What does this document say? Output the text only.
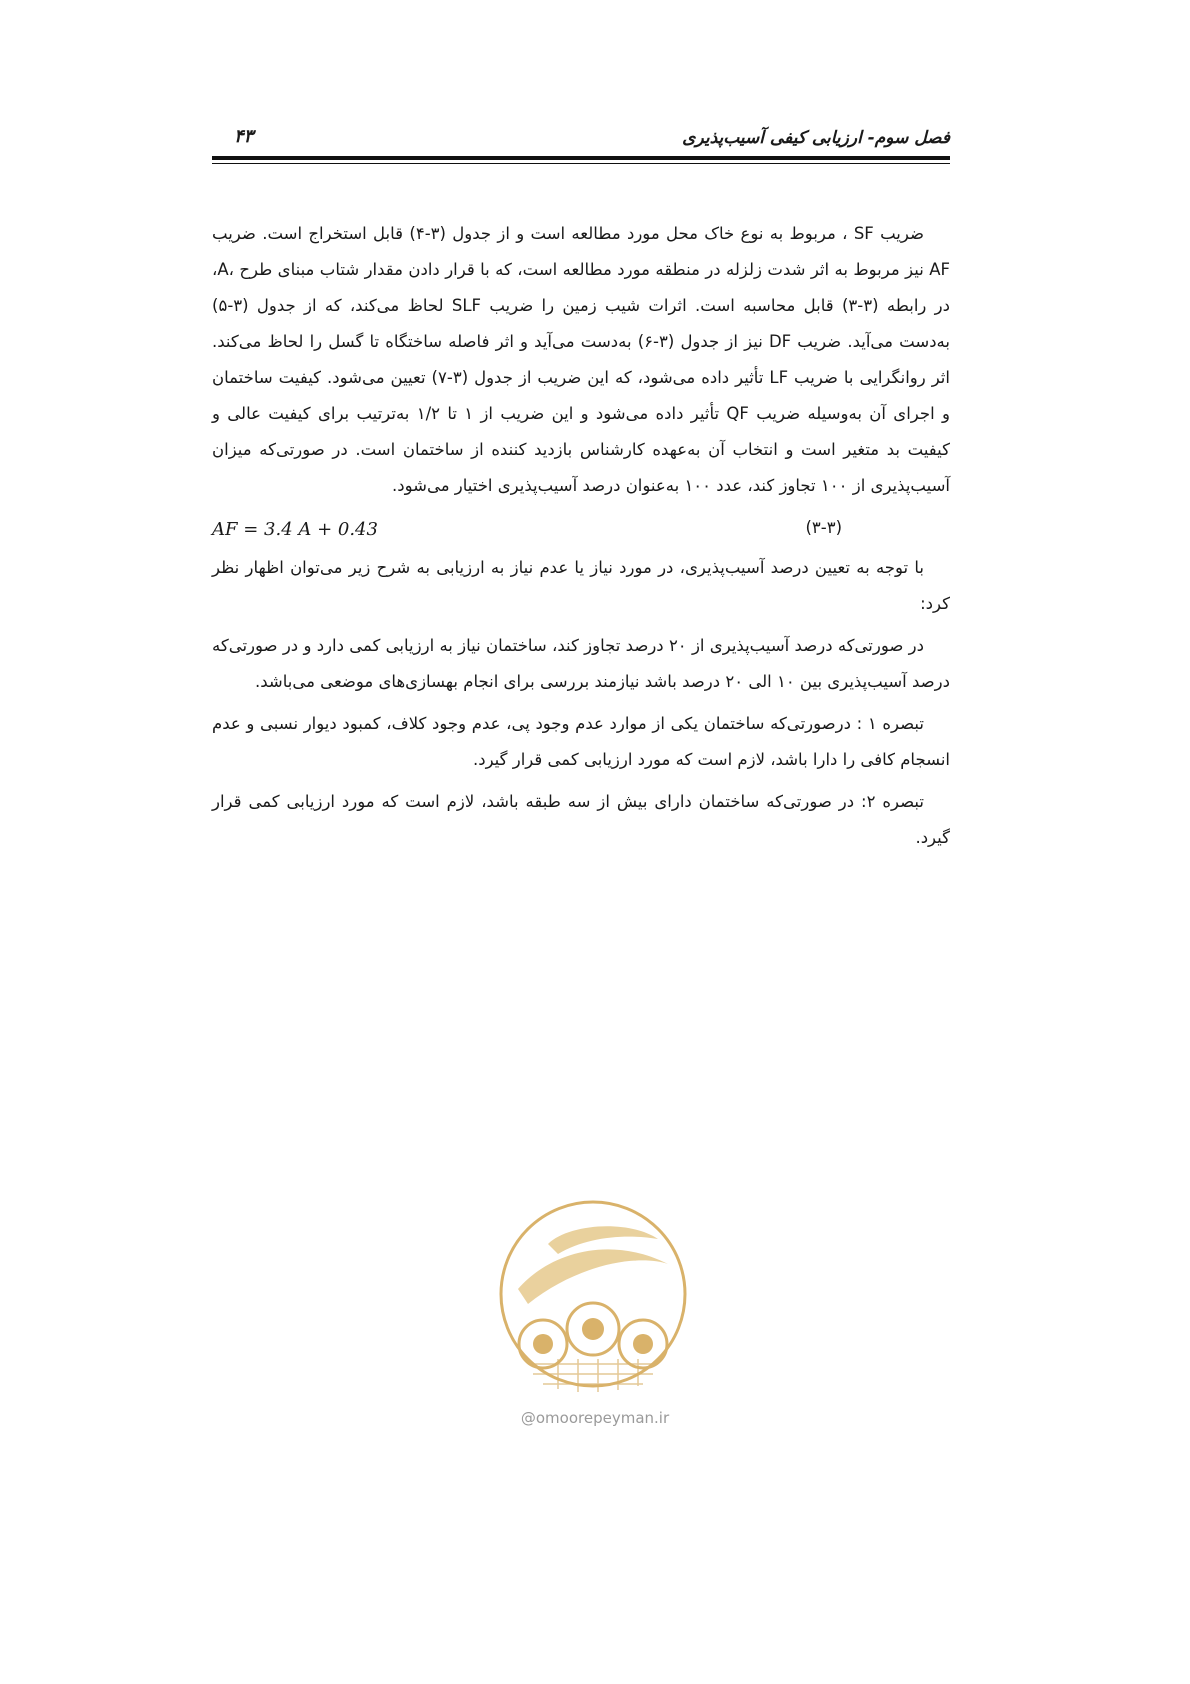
فصل سوم- ارزیابی کیفی آسیب‌پذیری
۴۳

ضریب SF ، مربوط به نوع خاک محل مورد مطالعه است و از جدول (۳-۴) قابل استخراج است. ضریب AF نیز مربوط به اثر شدت زلزله در منطقه مورد مطالعه است، که با قرار دادن مقدار شتاب مبنای طرح ،A، در رابطه (۳-۳) قابل محاسبه است. اثرات شیب زمین را ضریب SLF لحاظ می‌کند، که از جدول (۳-۵) به‌دست می‌آید. ضریب DF نیز از جدول (۳-۶) به‌دست می‌آید و اثر فاصله ساختگاه تا گسل را لحاظ می‌کند. اثر روانگرایی با ضریب LF تأثیر داده می‌شود، که این ضریب از جدول (۳-۷) تعیین می‌شود. کیفیت ساختمان و اجرای آن به‌وسیله ضریب QF تأثیر داده می‌شود و این ضریب از ۱ تا ۱/۲ به‌ترتیب برای کیفیت عالی و کیفیت بد متغیر است و انتخاب آن به‌عهده کارشناس بازدید کننده از ساختمان است. در صورتی‌که میزان آسیب‌پذیری از ۱۰۰ تجاوز کند، عدد ۱۰۰ به‌عنوان درصد آسیب‌پذیری اختیار می‌شود.

(۳-۳)
AF = 3.4 A + 0.43

با توجه به تعیین درصد آسیب‌پذیری، در مورد نیاز یا عدم نیاز به ارزیابی به شرح زیر می‌توان اظهار نظر کرد:

در صورتی‌که درصد آسیب‌پذیری از ۲۰ درصد تجاوز کند، ساختمان نیاز به ارزیابی کمی دارد و در صورتی‌که درصد آسیب‌پذیری بین ۱۰ الی ۲۰ درصد باشد نیازمند بررسی برای انجام بهسازی‌های موضعی می‌باشد.

تبصره ۱ : درصورتی‌که ساختمان یکی از موارد عدم وجود پی، عدم وجود کلاف، کمبود دیوار نسبی و عدم انسجام کافی را دارا باشد، لازم است که مورد ارزیابی کمی قرار گیرد.

تبصره ۲: در صورتی‌که ساختمان دارای بیش از سه طبقه باشد، لازم است که مورد ارزیابی کمی قرار گیرد.

@omoorepeyman.ir
